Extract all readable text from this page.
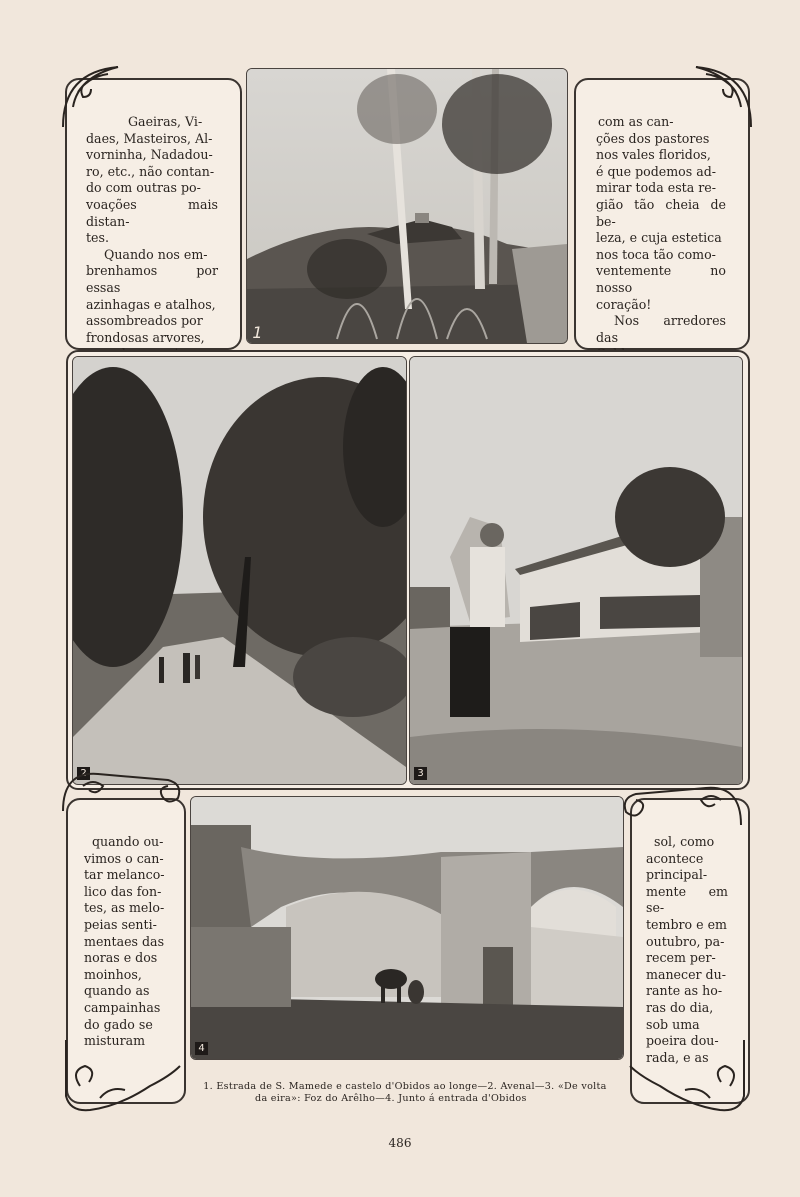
Gaeiras, Vi-

daes, Masteiros, Al-

vorninha, Nadadou-

ro, etc., não contan-

do com outras po-

voações mais distan-

tes.

Quando nos em-

brenhamos por essas

azinhagas e atalhos,

assombreados por

frondosas arvores,

com as can-

ções dos pastores

nos vales floridos,

é que podemos ad-

mirar toda esta re-

gião tão cheia de be-

leza, e cuja estetica

nos toca tão como-

ventemente no nosso

coração!

Nos arredores das

1
2	3

quando ou-

vimos o can-

tar melanco-

lico das fon-

tes, as melo-

peias senti-

mentaes das

noras e dos

moinhos,

quando as

campainhas

do gado se

misturam

sol, como

acontece

principal-

mente em se-

tembro e em

outubro, pa-

recem per-

manecer du-

rante as ho-

ras do dia,

sob uma

poeira dou-

rada, e as

4
1. Estrada de S. Mamede e castelo d'Obidos ao longe—2. Avenal—3. «De volta
da eira»: Foz do Arêlho—4. Junto á entrada d'Obidos
486
